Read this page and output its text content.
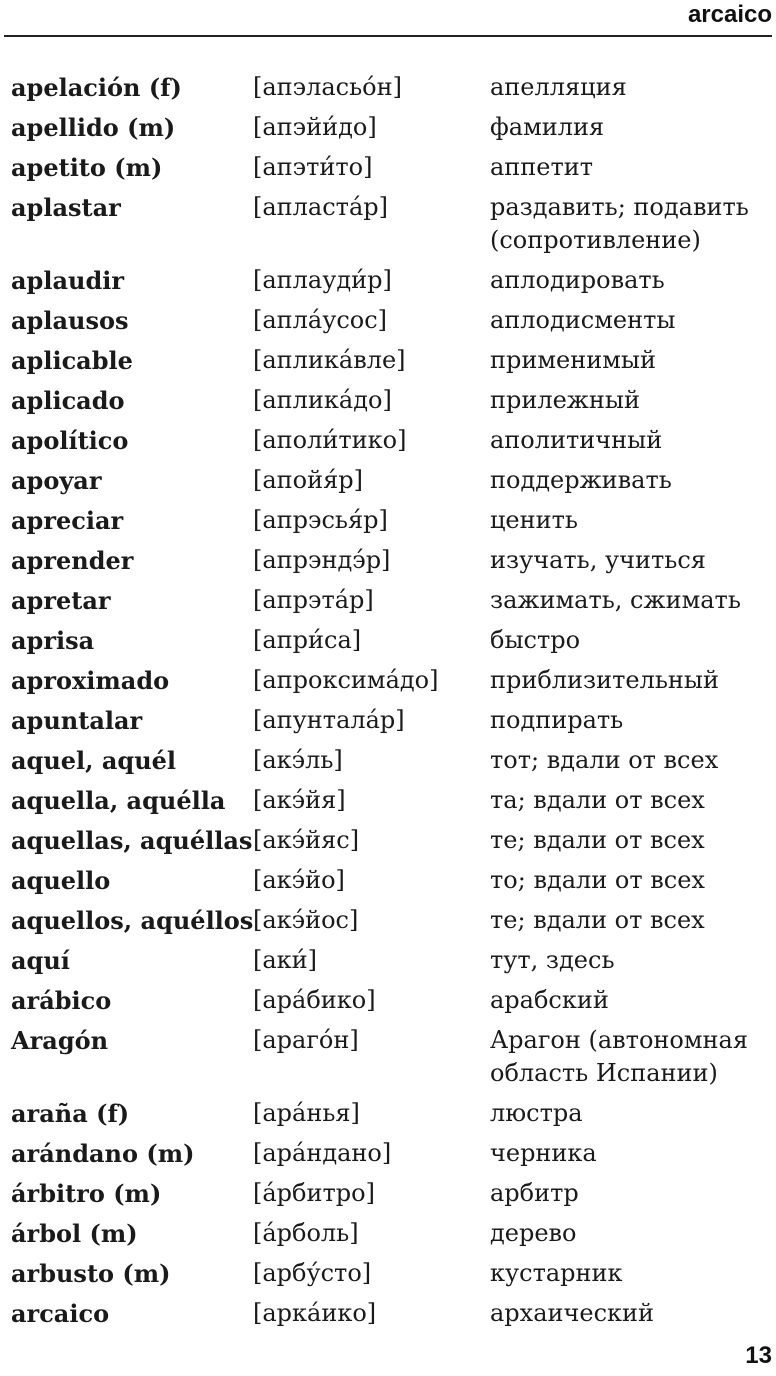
arcaico
apelación (f)	[апэласьо́н]	апелляция
apellido (m)	[апэйи́до]	фамилия
apetito (m)	[апэти́то]	аппетит
aplastar	[апласта́р]	раздавить; подавить (сопротивление)
aplaudir	[аплауди́р]	аплодировать
aplausos	[апла́усос]	аплодисменты
aplicable	[аплика́вле]	применимый
aplicado	[аплика́до]	прилежный
apolítico	[аполи́тико]	аполитичный
apoyar	[апойя́р]	поддерживать
apreciar	[апрэсья́р]	ценить
aprender	[апрэндэ́р]	изучать, учиться
apretar	[апрэта́р]	зажимать, сжимать
aprisa	[апри́са]	быстро
aproximado	[апроксима́до]	приблизительный
apuntalar	[апунтала́р]	подпирать
aquel, aquél	[акэ́ль]	тот; вдали от всех
aquella, aquélla	[акэ́йя]	та; вдали от всех
aquellas, aquéllas [акэ́йяс]	те; вдали от всех
aquello	[акэ́йо]	то; вдали от всех
aquellos, aquéllos [акэ́йос]	те; вдали от всех
aquí	[аки́]	тут, здесь
arábico	[ара́бико]	арабский
Aragón	[араго́н]	Арагон (автономная область Испании)
araña (f)	[ара́нья]	люстра
arándano (m)	[ара́ндано]	черника
árbitro (m)	[а́рбитро]	арбитр
árbol (m)	[а́рболь]	дерево
arbusto (m)	[арбу́сто]	кустарник
arcaico	[арка́ико]	архаический
13
